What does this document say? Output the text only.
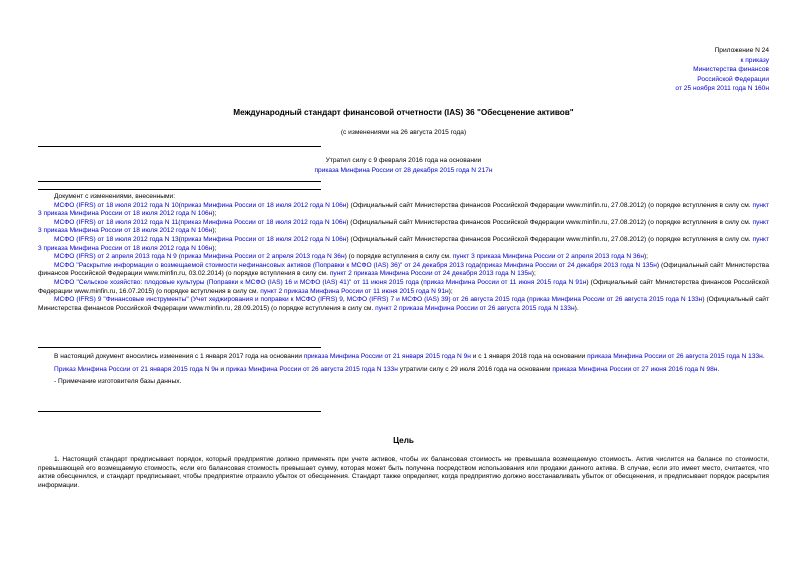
Приложение N 24
к приказу
Министерства финансов
Российской Федерации
от 25 ноября 2011 года N 160н
Международный стандарт финансовой отчетности (IAS) 36 "Обесценение активов"
(с изменениями на 26 августа 2015 года)
Утратил силу с 9 февраля 2016 года на основании
приказа Минфина России от 28 декабря 2015 года N 217н
Документ с изменениями, внесенными:
МСФО (IFRS) от 18 июля 2012 года N 10(приказ Минфина России от 18 июля 2012 года N 106н) (Официальный сайт Министерства финансов Российской Федерации www.minfin.ru, 27.08.2012) (о порядке вступления в силу см. пункт 3 приказа Минфина России от 18 июля 2012 года N 106н);
МСФО (IFRS) от 18 июля 2012 года N 11(приказ Минфина России от 18 июля 2012 года N 106н) (Официальный сайт Министерства финансов Российской Федерации www.minfin.ru, 27.08.2012) (о порядке вступления в силу см. пункт 3 приказа Минфина России от 18 июля 2012 года N 106н);
МСФО (IFRS) от 18 июля 2012 года N 13(приказ Минфина России от 18 июля 2012 года N 106н) (Официальный сайт Министерства финансов Российской Федерации www.minfin.ru, 27.08.2012) (о порядке вступления в силу см. пункт 3 приказа Минфина России от 18 июля 2012 года N 106н);
МСФО (IFRS) от 2 апреля 2013 года N 9 (приказ Минфина России от 2 апреля 2013 года N 36н) (о порядке вступления в силу см. пункт 3 приказа Минфина России от 2 апреля 2013 года N 36н);
МСФО "Раскрытие информации о возмещаемой стоимости нефинансовых активов (Поправки к МСФО (IAS) 36)" от 24 декабря 2013 года(приказ Минфина России от 24 декабря 2013 года N 135н) (Официальный сайт Министерства финансов Российской Федерации www.minfin.ru, 03.02.2014) (о порядке вступления в силу см. пункт 2 приказа Минфина России от 24 декабря 2013 года N 135н);
МСФО "Сельское хозяйство: плодовые культуры (Поправки к МСФО (IAS) 16 и МСФО (IAS) 41)" от 11 июня 2015 года (приказ Минфина России от 11 июня 2015 года N 91н) (Официальный сайт Министерства финансов Российской Федерации www.minfin.ru, 16.07.2015) (о порядке вступления в силу см. пункт 2 приказа Минфина России от 11 июня 2015 года N 91н);
МСФО (IFRS) 9 "Финансовые инструменты" (Учет хеджирования и поправки к МСФО (IFRS) 9, МСФО (IFRS) 7 и МСФО (IAS) 39) от 26 августа 2015 года (приказ Минфина России от 26 августа 2015 года N 133н) (Официальный сайт Министерства финансов Российской Федерации www.minfin.ru, 28.09.2015) (о порядке вступления в силу см. пункт 2 приказа Минфина России от 26 августа 2015 года N 133н).
В настоящий документ вносились изменения с 1 января 2017 года на основании приказа Минфина России от 21 января 2015 года N 9н и с 1 января 2018 года на основании приказа Минфина России от 26 августа 2015 года N 133н.
Приказ Минфина России от 21 января 2015 года N 9н и приказ Минфина России от 26 августа 2015 года N 133н утратили силу с 29 июля 2016 года на основании приказа Минфина России от 27 июня 2016 года N 98н.
- Примечание изготовителя базы данных.
Цель
1. Настоящий стандарт предписывает порядок, который предприятие должно применять при учете активов, чтобы их балансовая стоимость не превышала возмещаемую стоимость. Актив числится на балансе по стоимости, превышающей его возмещаемую стоимость, если его балансовая стоимость превышает сумму, которая может быть получена посредством использования или продажи данного актива. В случае, если это имеет место, считается, что актив обесценился, и стандарт предписывает, чтобы предприятие отразило убыток от обесценения. Стандарт также определяет, когда предприятию должно восстанавливать убыток от обесценения, и предписывает порядок раскрытия информации.
